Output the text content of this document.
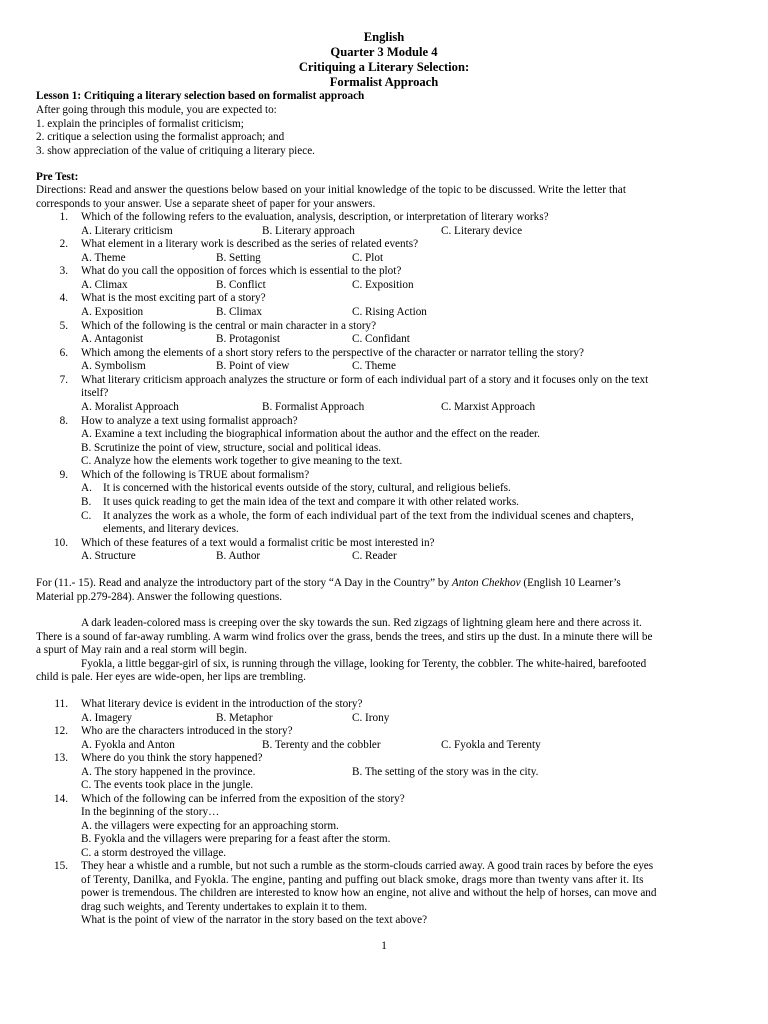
English
Quarter 3 Module 4
Critiquing a Literary Selection:
Formalist Approach
Lesson 1: Critiquing a literary selection based on formalist approach
After going through this module, you are expected to:
1. explain the principles of formalist criticism;
2. critique a selection using the formalist approach; and
3. show appreciation of the value of critiquing a literary piece.
Pre Test:
Directions: Read and answer the questions below based on your initial knowledge of the topic to be discussed. Write the letter that
corresponds to your answer. Use a separate sheet of paper for your answers.
1. Which of the following refers to the evaluation, analysis, description, or interpretation of literary works?
A. Literary criticism	B. Literary approach	C. Literary device
2. What element in a literary work is described as the series of related events?
A. Theme	B. Setting	C. Plot
3. What do you call the opposition of forces which is essential to the plot?
A. Climax	B. Conflict	C. Exposition
4. What is the most exciting part of a story?
A. Exposition	B. Climax	C. Rising Action
5. Which of the following is the central or main character in a story?
A. Antagonist	B. Protagonist	C. Confidant
6. Which among the elements of a short story refers to the perspective of the character or narrator telling the story?
A. Symbolism	B. Point of view	C. Theme
7. What literary criticism approach analyzes the structure or form of each individual part of a story and it focuses only on the text
itself?
A. Moralist Approach	B. Formalist Approach	C. Marxist Approach
8. How to analyze a text using formalist approach?
A. Examine a text including the biographical information about the author and the effect on the reader.
B. Scrutinize the point of view, structure, social and political ideas.
C. Analyze how the elements work together to give meaning to the text.
9. Which of the following is TRUE about formalism?
A. It is concerned with the historical events outside of the story, cultural, and religious beliefs.
B. It uses quick reading to get the main idea of the text and compare it with other related works.
C. It analyzes the work as a whole, the form of each individual part of the text from the individual scenes and chapters,
elements, and literary devices.
10. Which of these features of a text would a formalist critic be most interested in?
A. Structure	B. Author	C. Reader
For (11.- 15). Read and analyze the introductory part of the story “A Day in the Country” by Anton Chekhov (English 10 Learner’s
Material pp.279-284). Answer the following questions.
A dark leaden-colored mass is creeping over the sky towards the sun. Red zigzags of lightning gleam here and there across it.
There is a sound of far-away rumbling. A warm wind frolics over the grass, bends the trees, and stirs up the dust. In a minute there will be
a spurt of May rain and a real storm will begin.
Fyokla, a little beggar-girl of six, is running through the village, looking for Terenty, the cobbler. The white-haired, barefooted
child is pale. Her eyes are wide-open, her lips are trembling.
11. What literary device is evident in the introduction of the story?
A. Imagery	B. Metaphor	C. Irony
12. Who are the characters introduced in the story?
A. Fyokla and Anton	B. Terenty and the cobbler	C. Fyokla and Terenty
13. Where do you think the story happened?
A. The story happened in the province.	B. The setting of the story was in the city.
C. The events took place in the jungle.
14. Which of the following can be inferred from the exposition of the story?
In the beginning of the story…
A. the villagers were expecting for an approaching storm.
B. Fyokla and the villagers were preparing for a feast after the storm.
C. a storm destroyed the village.
15. They hear a whistle and a rumble, but not such a rumble as the storm-clouds carried away. A good train races by before the eyes
of Terenty, Danilka, and Fyokla. The engine, panting and puffing out black smoke, drags more than twenty vans after it. Its
power is tremendous. The children are interested to know how an engine, not alive and without the help of horses, can move and
drag such weights, and Terenty undertakes to explain it to them.
What is the point of view of the narrator in the story based on the text above?
1
